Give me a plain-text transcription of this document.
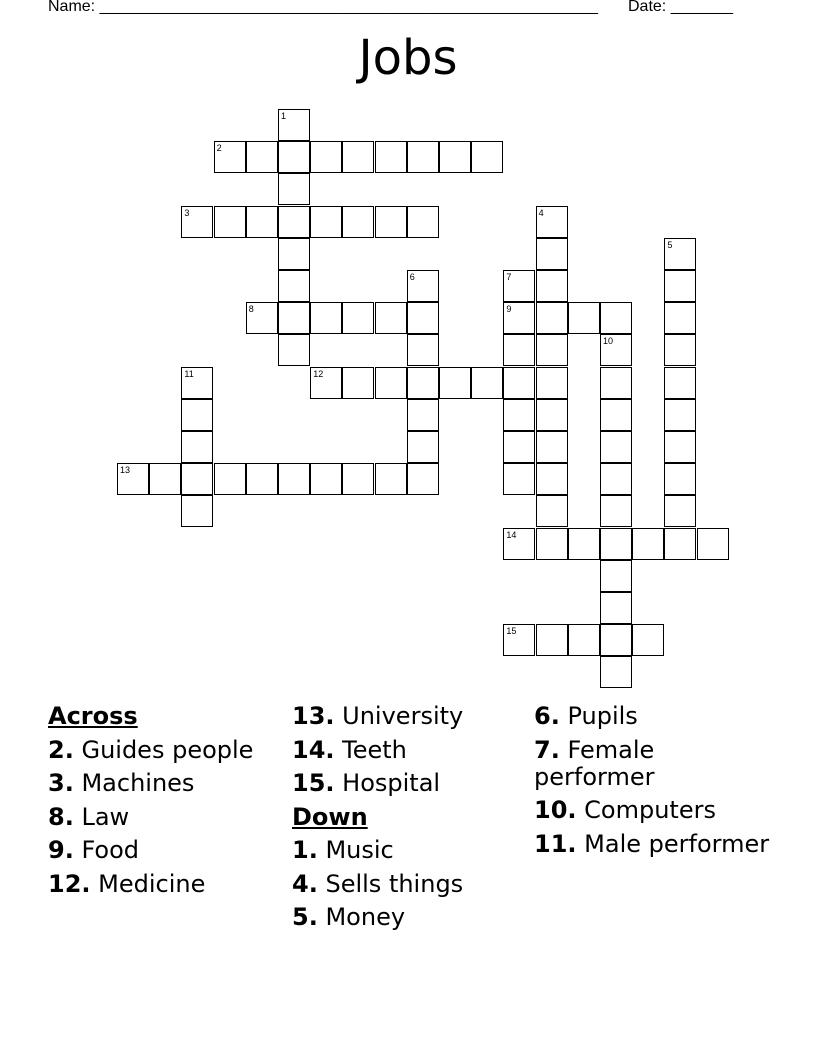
Name: ________________________________________________________ Date: _______
Jobs
1
2
3	4
5
6	7
8	9
10
11	12
13
14
15
Across
2. Guides people
3. Machines
8. Law
9. Food
12. Medicine
13. University
14. Teeth
15. Hospital
Down
1. Music
4. Sells things
5. Money
6. Pupils
7. Female performer
10. Computers
11. Male performer
